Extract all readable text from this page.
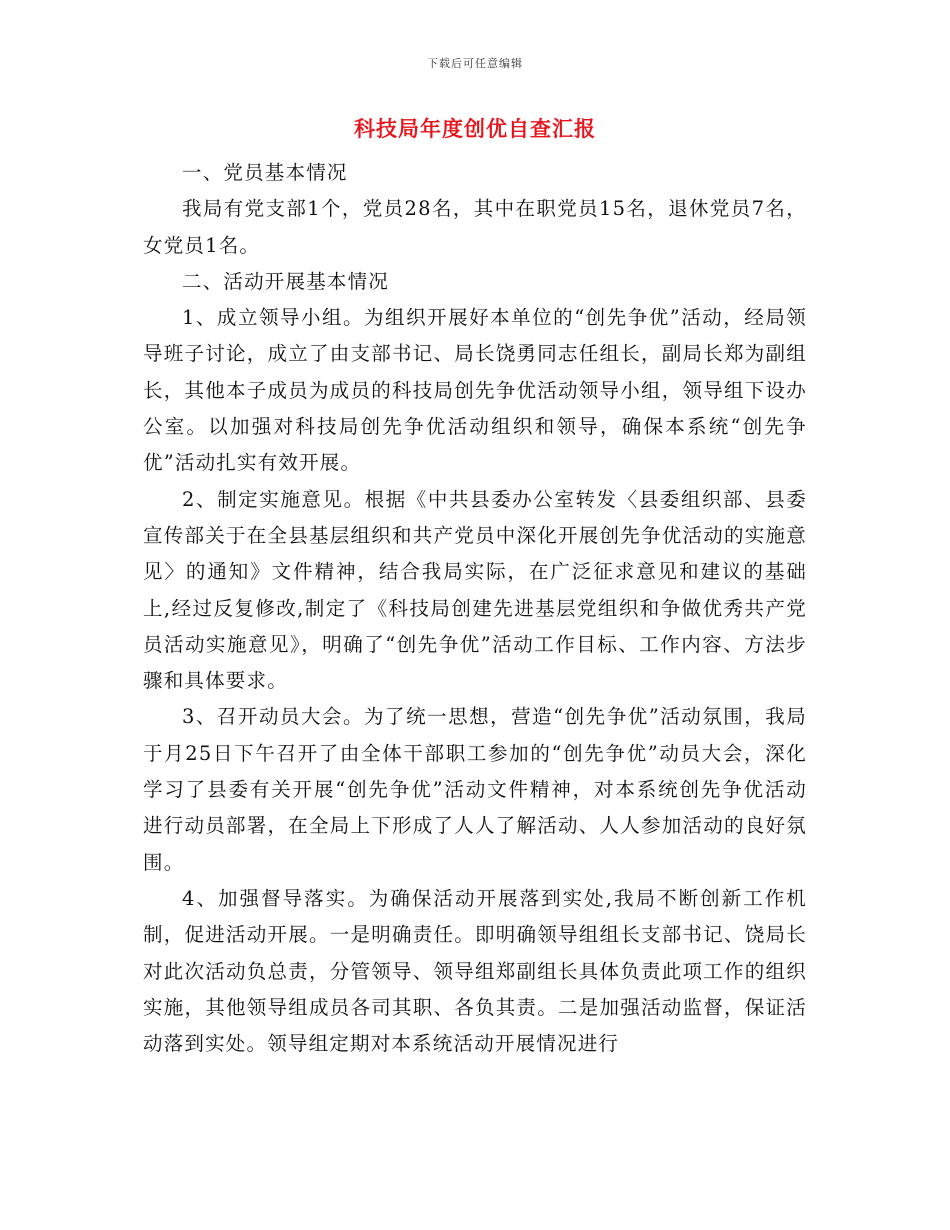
下载后可任意编辑
科技局年度创优自查汇报

一、党员基本情况

我局有党支部1个，党员28名，其中在职党员15名，退休党员7名，女党员1名。

二、活动开展基本情况

1、成立领导小组。为组织开展好本单位的“创先争优”活动，经局领导班子讨论，成立了由支部书记、局长饶勇同志任组长，副局长郑为副组长，其他本子成员为成员的科技局创先争优活动领导小组，领导组下设办公室。以加强对科技局创先争优活动组织和领导，确保本系统“创先争优”活动扎实有效开展。

2、制定实施意见。根据《中共县委办公室转发〈县委组织部、县委宣传部关于在全县基层组织和共产党员中深化开展创先争优活动的实施意见〉的通知》文件精神，结合我局实际，在广泛征求意见和建议的基础上,经过反复修改,制定了《科技局创建先进基层党组织和争做优秀共产党员活动实施意见》，明确了“创先争优”活动工作目标、工作内容、方法步骤和具体要求。

3、召开动员大会。为了统一思想，营造“创先争优”活动氛围，我局于月25日下午召开了由全体干部职工参加的“创先争优”动员大会，深化学习了县委有关开展“创先争优”活动文件精神，对本系统创先争优活动进行动员部署，在全局上下形成了人人了解活动、人人参加活动的良好氛围。

4、加强督导落实。为确保活动开展落到实处,我局不断创新工作机制，促进活动开展。一是明确责任。即明确领导组组长支部书记、饶局长对此次活动负总责，分管领导、领导组郑副组长具体负责此项工作的组织实施，其他领导组成员各司其职、各负其责。二是加强活动监督，保证活动落到实处。领导组定期对本系统活动开展情况进行
